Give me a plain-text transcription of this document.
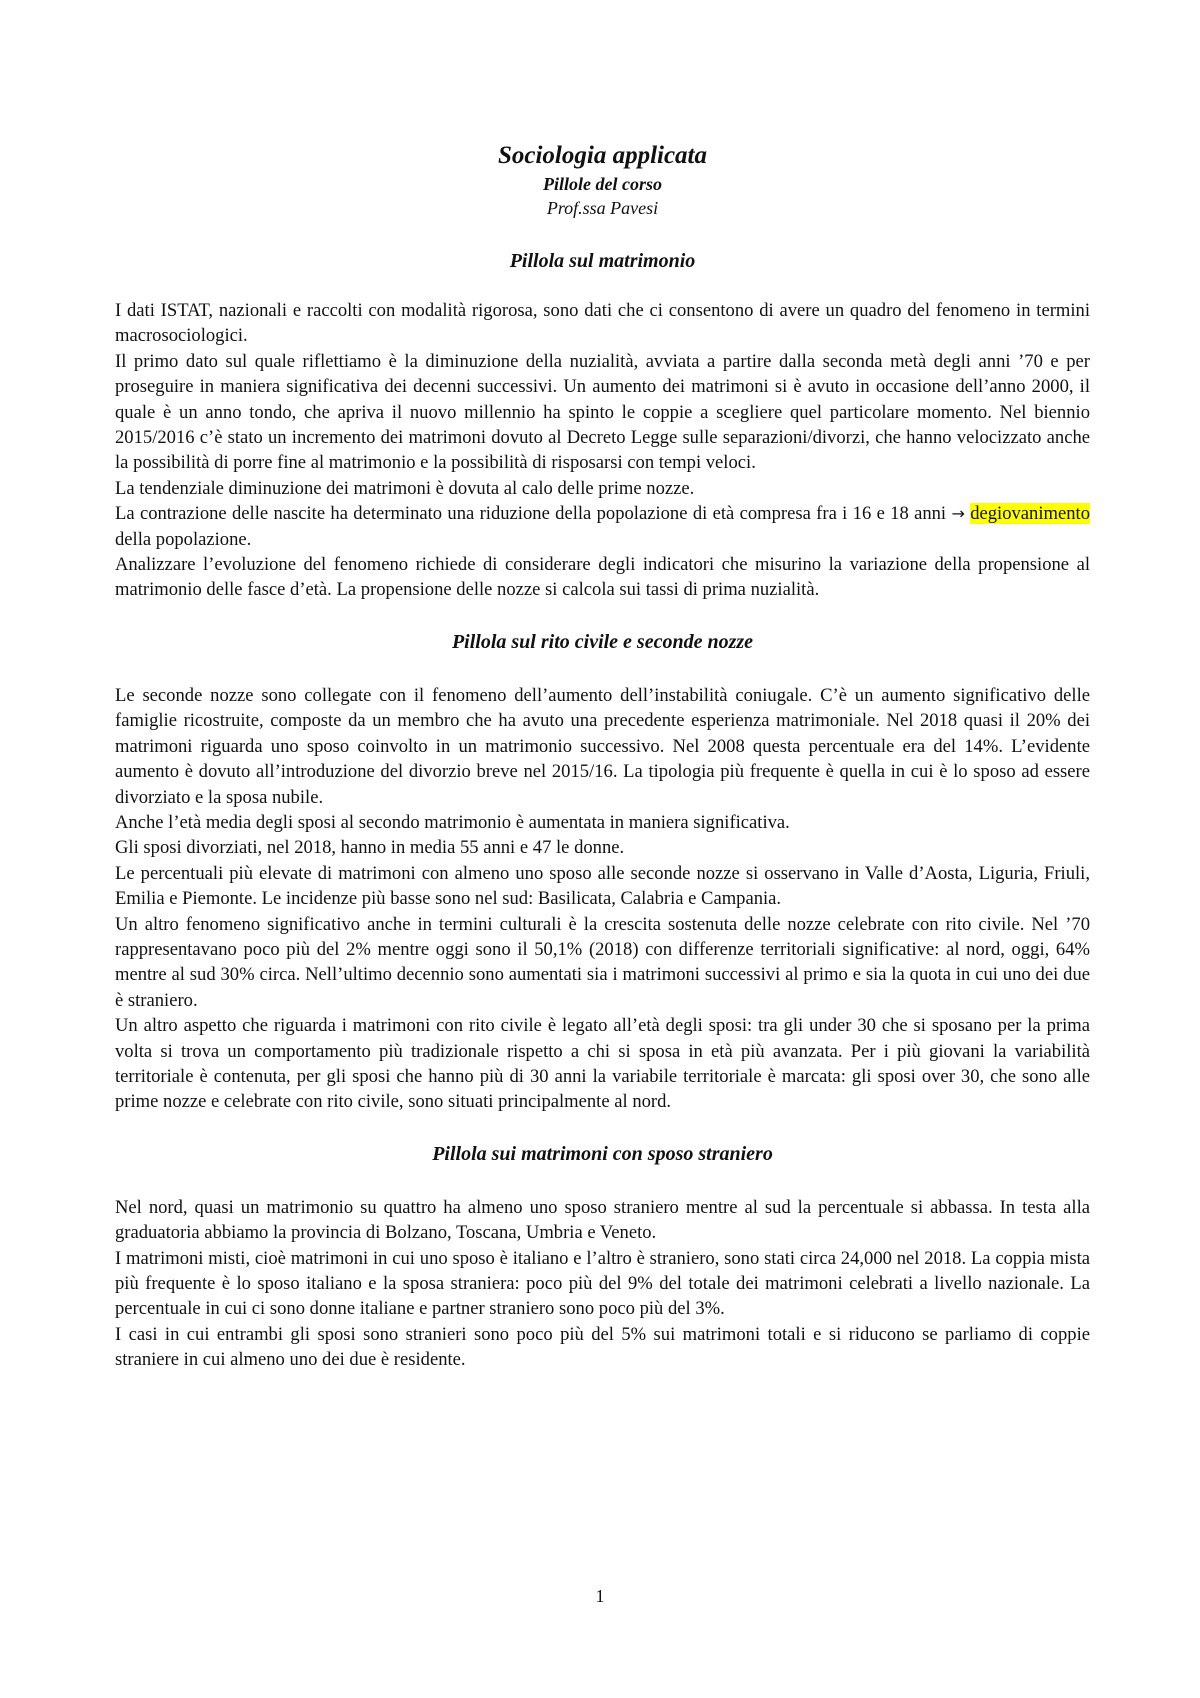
Sociologia applicata
Pillole del corso
Prof.ssa Pavesi
Pillola sul matrimonio

I dati ISTAT, nazionali e raccolti con modalità rigorosa, sono dati che ci consentono di avere un quadro del fenomeno in termini macrosociologici.

Il primo dato sul quale riflettiamo è la diminuzione della nuzialità, avviata a partire dalla seconda metà degli anni ’70 e per proseguire in maniera significativa dei decenni successivi. Un aumento dei matrimoni si è avuto in occasione dell’anno 2000, il quale è un anno tondo, che apriva il nuovo millennio ha spinto le coppie a scegliere quel particolare momento. Nel biennio 2015/2016 c’è stato un incremento dei matrimoni dovuto al Decreto Legge sulle separazioni/divorzi, che hanno velocizzato anche la possibilità di porre fine al matrimonio e la possibilità di risposarsi con tempi veloci.

La tendenziale diminuzione dei matrimoni è dovuta al calo delle prime nozze.

La contrazione delle nascite ha determinato una riduzione della popolazione di età compresa fra i 16 e 18 anni → degiovanimento della popolazione.

Analizzare l’evoluzione del fenomeno richiede di considerare degli indicatori che misurino la variazione della propensione al matrimonio delle fasce d’età. La propensione delle nozze si calcola sui tassi di prima nuzialità.

Pillola sul rito civile e seconde nozze

Le seconde nozze sono collegate con il fenomeno dell’aumento dell’instabilità coniugale. C’è un aumento significativo delle famiglie ricostruite, composte da un membro che ha avuto una precedente esperienza matrimoniale. Nel 2018 quasi il 20% dei matrimoni riguarda uno sposo coinvolto in un matrimonio successivo. Nel 2008 questa percentuale era del 14%. L’evidente aumento è dovuto all’introduzione del divorzio breve nel 2015/16. La tipologia più frequente è quella in cui è lo sposo ad essere divorziato e la sposa nubile.

Anche l’età media degli sposi al secondo matrimonio è aumentata in maniera significativa.

Gli sposi divorziati, nel 2018, hanno in media 55 anni e 47 le donne.

Le percentuali più elevate di matrimoni con almeno uno sposo alle seconde nozze si osservano in Valle d’Aosta, Liguria, Friuli, Emilia e Piemonte. Le incidenze più basse sono nel sud: Basilicata, Calabria e Campania.

Un altro fenomeno significativo anche in termini culturali è la crescita sostenuta delle nozze celebrate con rito civile. Nel ’70 rappresentavano poco più del 2% mentre oggi sono il 50,1% (2018) con differenze territoriali significative: al nord, oggi, 64% mentre al sud 30% circa. Nell’ultimo decennio sono aumentati sia i matrimoni successivi al primo e sia la quota in cui uno dei due è straniero.

Un altro aspetto che riguarda i matrimoni con rito civile è legato all’età degli sposi: tra gli under 30 che si sposano per la prima volta si trova un comportamento più tradizionale rispetto a chi si sposa in età più avanzata. Per i più giovani la variabilità territoriale è contenuta, per gli sposi che hanno più di 30 anni la variabile territoriale è marcata: gli sposi over 30, che sono alle prime nozze e celebrate con rito civile, sono situati principalmente al nord.

Pillola sui matrimoni con sposo straniero

Nel nord, quasi un matrimonio su quattro ha almeno uno sposo straniero mentre al sud la percentuale si abbassa. In testa alla graduatoria abbiamo la provincia di Bolzano, Toscana, Umbria e Veneto.

I matrimoni misti, cioè matrimoni in cui uno sposo è italiano e l’altro è straniero, sono stati circa 24,000 nel 2018. La coppia mista più frequente è lo sposo italiano e la sposa straniera: poco più del 9% del totale dei matrimoni celebrati a livello nazionale. La percentuale in cui ci sono donne italiane e partner straniero sono poco più del 3%.

I casi in cui entrambi gli sposi sono stranieri sono poco più del 5% sui matrimoni totali e si riducono se parliamo di coppie straniere in cui almeno uno dei due è residente.

1
